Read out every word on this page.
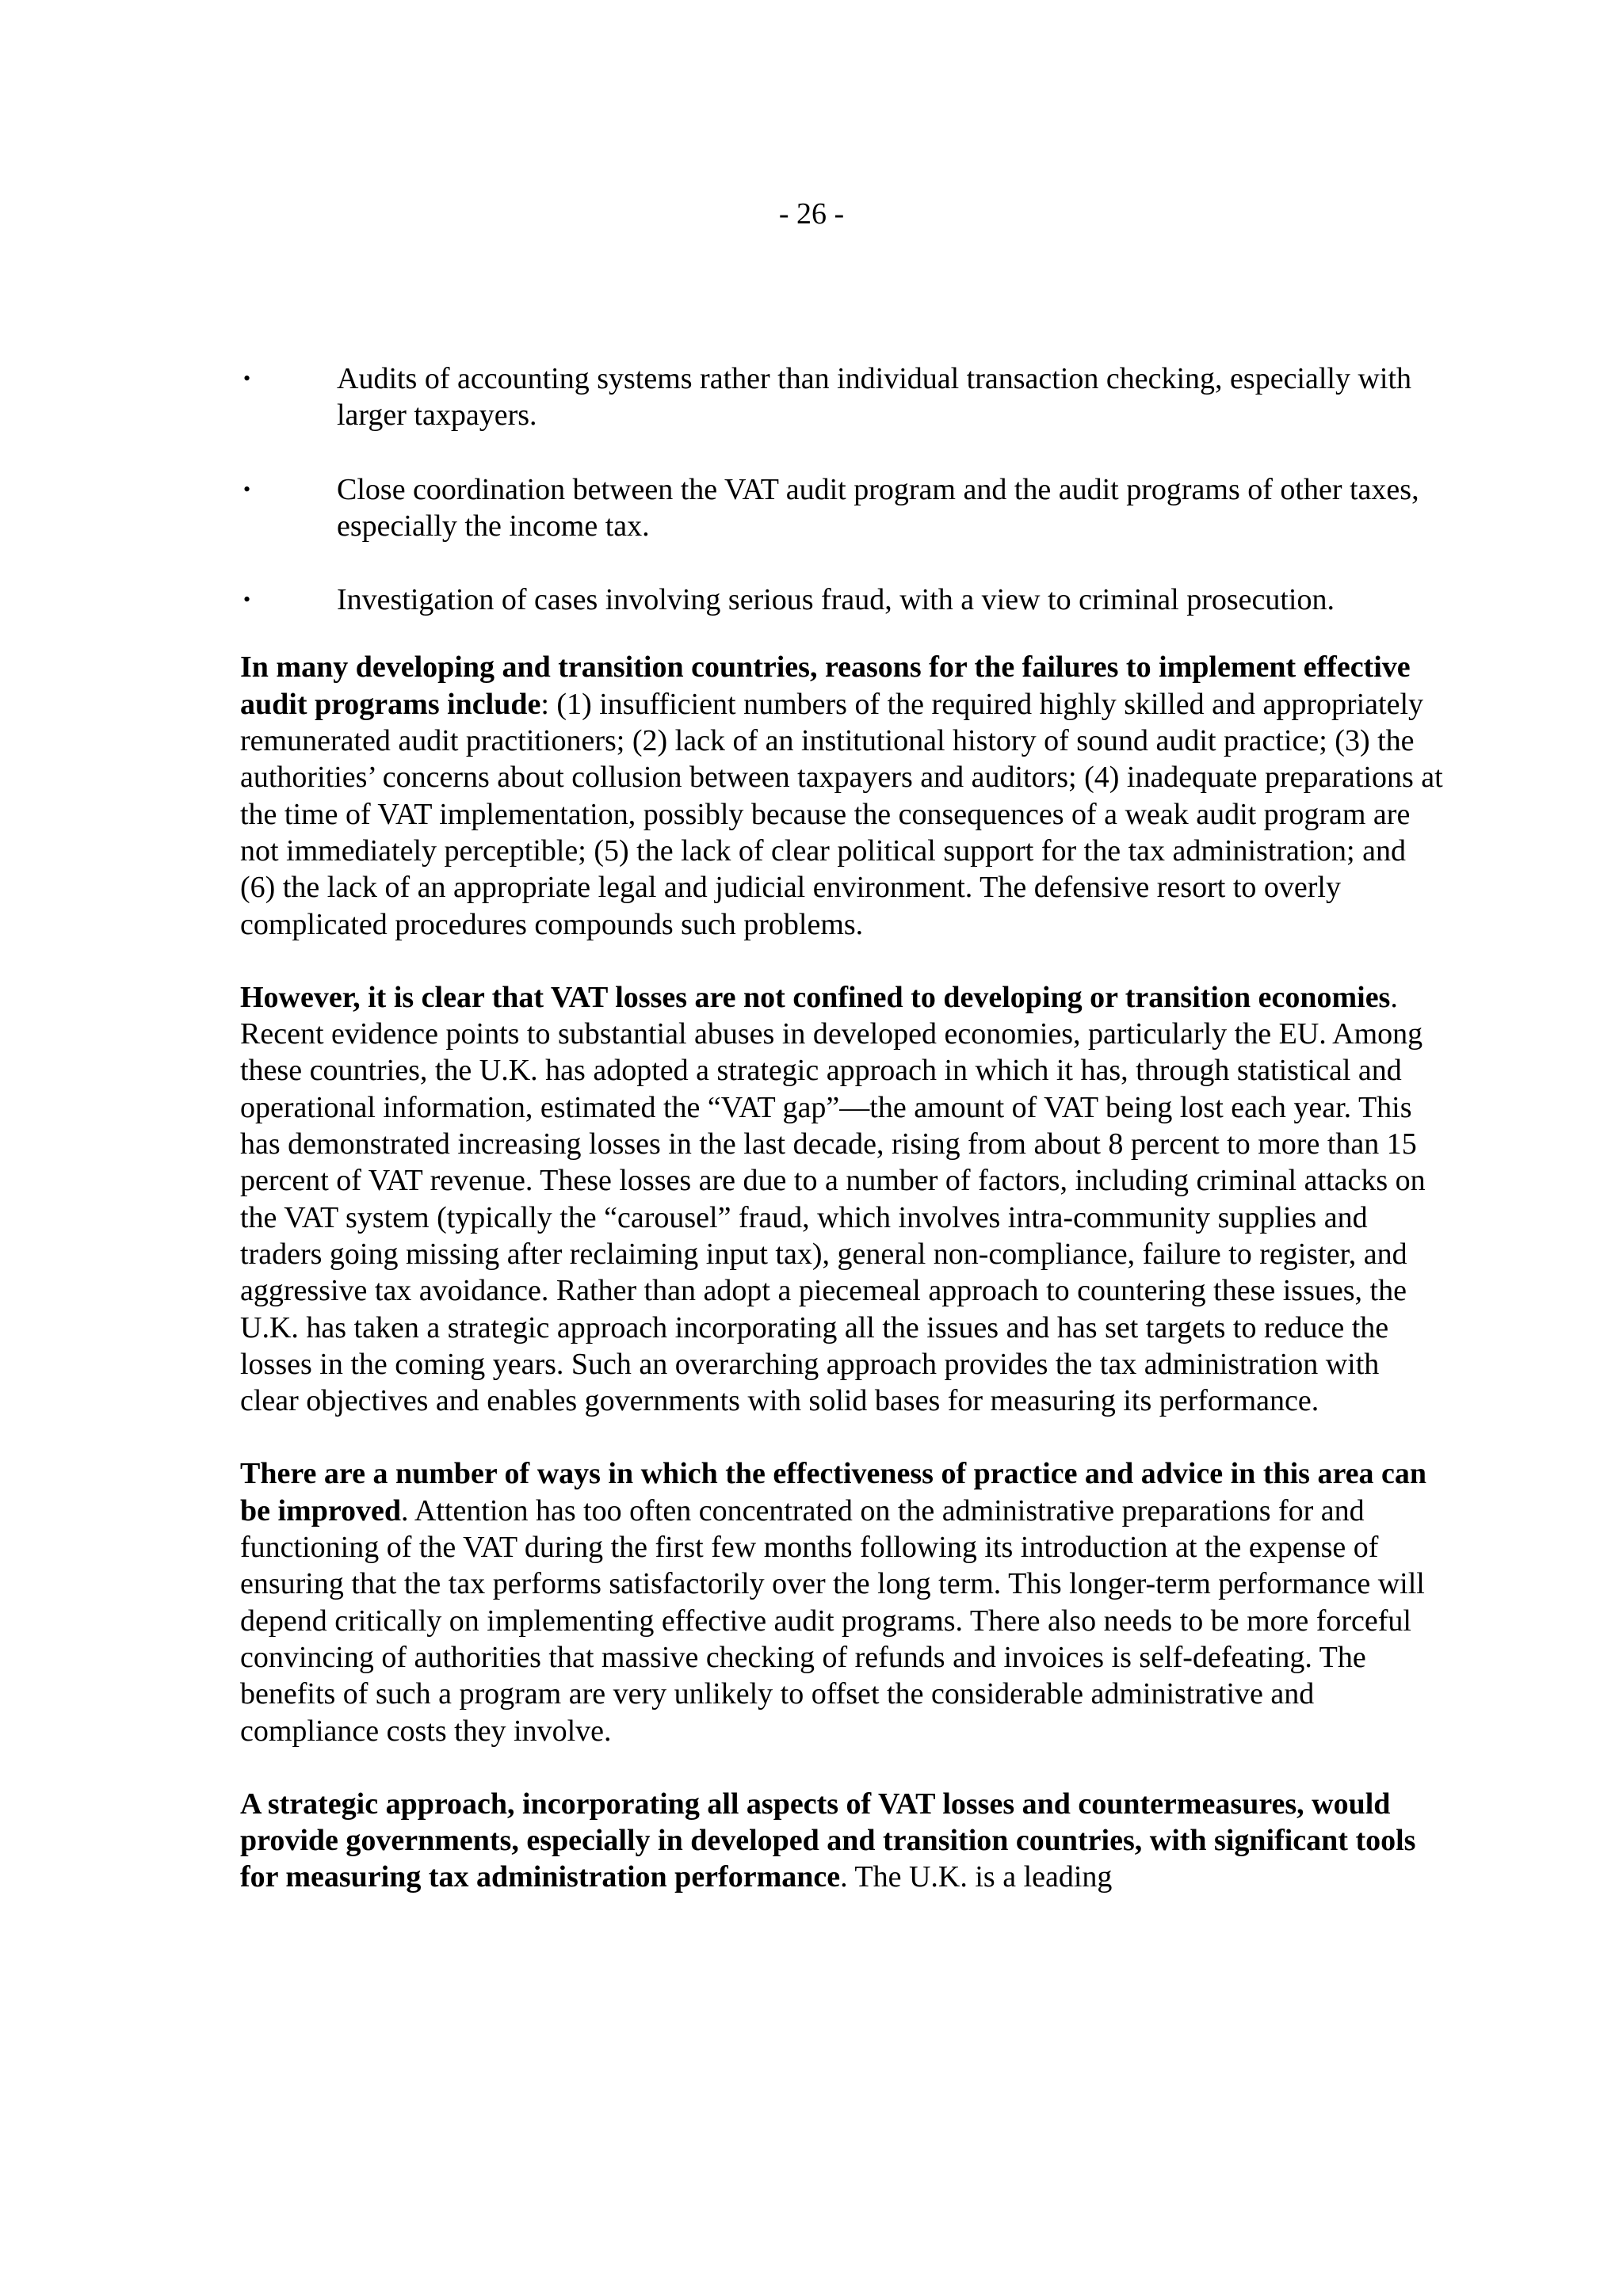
- 26 -
•	Audits of accounting systems rather than individual transaction checking, especially with larger taxpayers.
•	Close coordination between the VAT audit program and the audit programs of other taxes, especially the income tax.
•	Investigation of cases involving serious fraud, with a view to criminal prosecution.

In many developing and transition countries, reasons for the failures to implement effective audit programs include: (1) insufficient numbers of the required highly skilled and appropriately remunerated audit practitioners; (2) lack of an institutional history of sound audit practice; (3) the authorities’ concerns about collusion between taxpayers and auditors; (4) inadequate preparations at the time of VAT implementation, possibly because the consequences of a weak audit program are not immediately perceptible; (5) the lack of clear political support for the tax administration; and (6) the lack of an appropriate legal and judicial environment. The defensive resort to overly complicated procedures compounds such problems.

However, it is clear that VAT losses are not confined to developing or transition economies. Recent evidence points to substantial abuses in developed economies, particularly the EU. Among these countries, the U.K. has adopted a strategic approach in which it has, through statistical and operational information, estimated the “VAT gap”—the amount of VAT being lost each year. This has demonstrated increasing losses in the last decade, rising from about 8 percent to more than 15 percent of VAT revenue. These losses are due to a number of factors, including criminal attacks on the VAT system (typically the “carousel” fraud, which involves intra-community supplies and traders going missing after reclaiming input tax), general non-compliance, failure to register, and aggressive tax avoidance. Rather than adopt a piecemeal approach to countering these issues, the U.K. has taken a strategic approach incorporating all the issues and has set targets to reduce the losses in the coming years. Such an overarching approach provides the tax administration with clear objectives and enables governments with solid bases for measuring its performance.

There are a number of ways in which the effectiveness of practice and advice in this area can be improved. Attention has too often concentrated on the administrative preparations for and functioning of the VAT during the first few months following its introduction at the expense of ensuring that the tax performs satisfactorily over the long term. This longer-term performance will depend critically on implementing effective audit programs. There also needs to be more forceful convincing of authorities that massive checking of refunds and invoices is self-defeating. The benefits of such a program are very unlikely to offset the considerable administrative and compliance costs they involve.

A strategic approach, incorporating all aspects of VAT losses and countermeasures, would provide governments, especially in developed and transition countries, with significant tools for measuring tax administration performance. The U.K. is a leading
